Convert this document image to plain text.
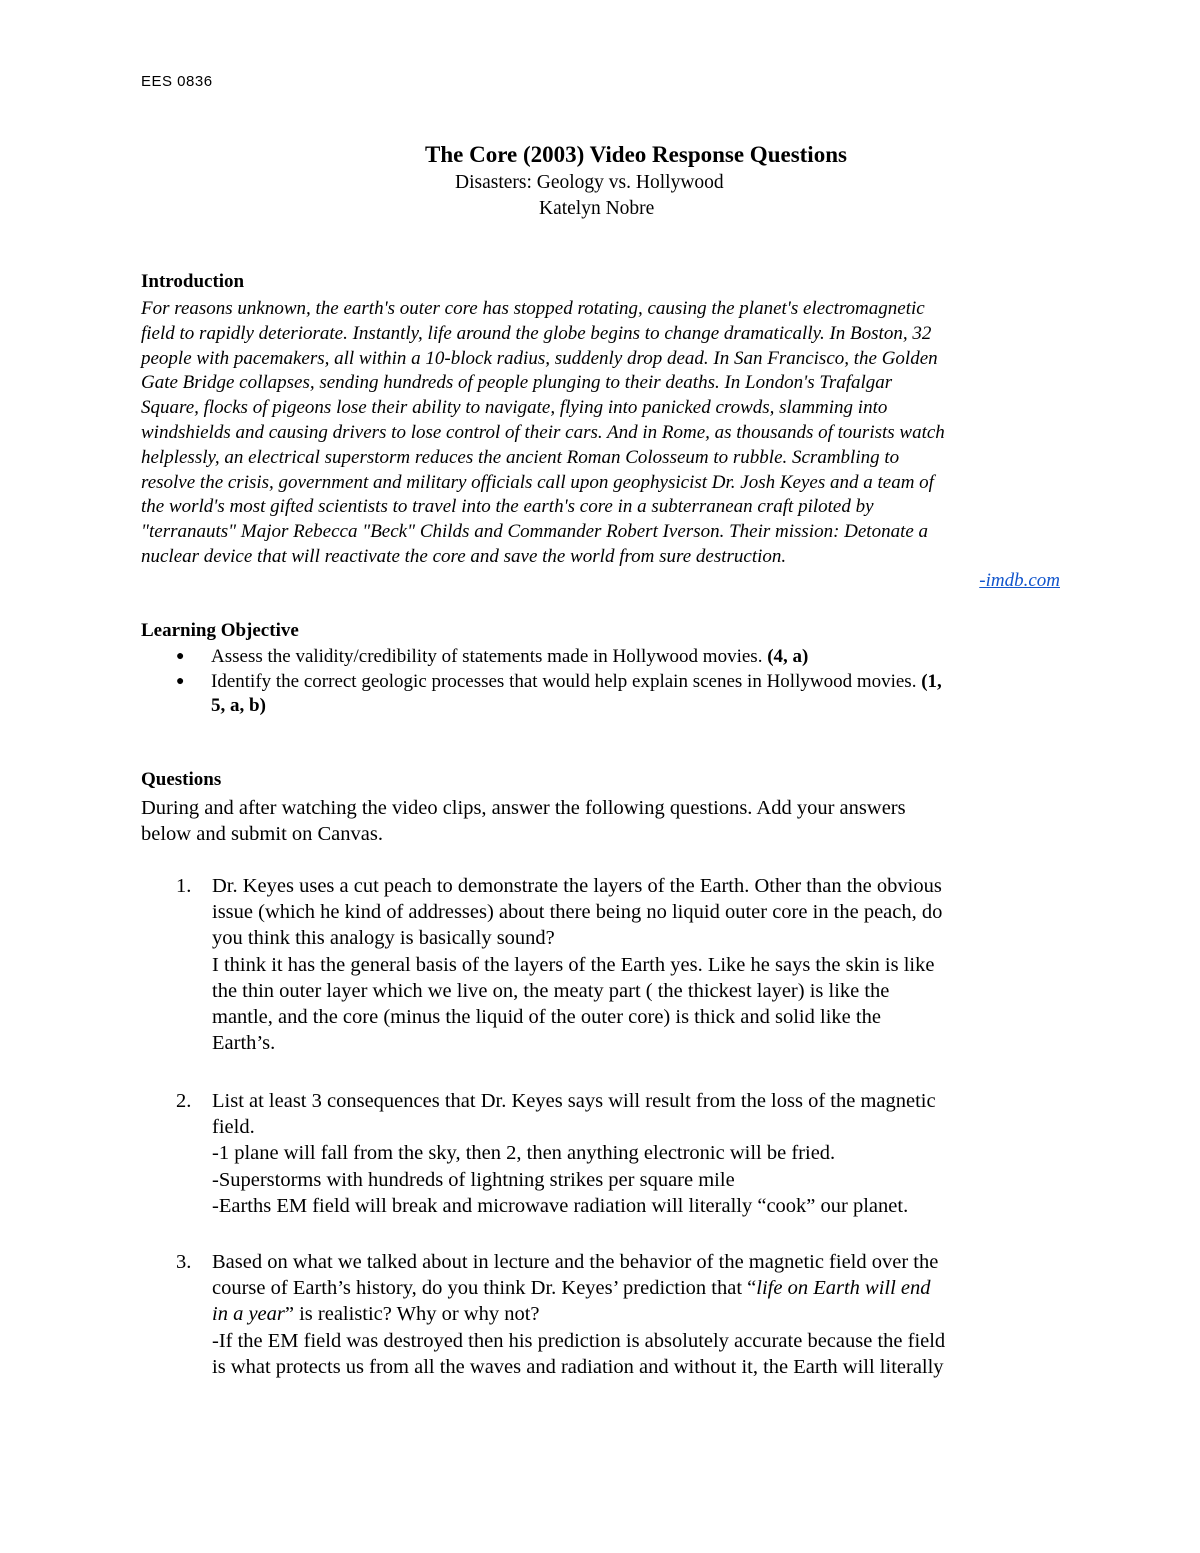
EES 0836
The Core (2003) Video Response Questions
Disasters: Geology vs. Hollywood
Katelyn Nobre
Introduction
For reasons unknown, the earth's outer core has stopped rotating, causing the planet's electromagnetic
field to rapidly deteriorate. Instantly, life around the globe begins to change dramatically. In Boston, 32
people with pacemakers, all within a 10-block radius, suddenly drop dead. In San Francisco, the Golden
Gate Bridge collapses, sending hundreds of people plunging to their deaths. In London's Trafalgar
Square, flocks of pigeons lose their ability to navigate, flying into panicked crowds, slamming into
windshields and causing drivers to lose control of their cars. And in Rome, as thousands of tourists watch
helplessly, an electrical superstorm reduces the ancient Roman Colosseum to rubble. Scrambling to
resolve the crisis, government and military officials call upon geophysicist Dr. Josh Keyes and a team of
the world's most gifted scientists to travel into the earth's core in a subterranean craft piloted by
"terranauts" Major Rebecca "Beck" Childs and Commander Robert Iverson. Their mission: Detonate a
nuclear device that will reactivate the core and save the world from sure destruction.
-imdb.com
Learning Objective
● Assess the validity/credibility of statements made in Hollywood movies. (4, a)
● Identify the correct geologic processes that would help explain scenes in Hollywood movies. (1,
5, a, b)
Questions
During and after watching the video clips, answer the following questions. Add your answers
below and submit on Canvas.
1. Dr. Keyes uses a cut peach to demonstrate the layers of the Earth. Other than the obvious
issue (which he kind of addresses) about there being no liquid outer core in the peach, do
you think this analogy is basically sound?
I think it has the general basis of the layers of the Earth yes. Like he says the skin is like
the thin outer layer which we live on, the meaty part ( the thickest layer) is like the
mantle, and the core (minus the liquid of the outer core) is thick and solid like the
Earth’s.
2. List at least 3 consequences that Dr. Keyes says will result from the loss of the magnetic
field.
-1 plane will fall from the sky, then 2, then anything electronic will be fried.
-Superstorms with hundreds of lightning strikes per square mile
-Earths EM field will break and microwave radiation will literally “cook” our planet.
3. Based on what we talked about in lecture and the behavior of the magnetic field over the
course of Earth’s history, do you think Dr. Keyes’ prediction that “life on Earth will end
in a year” is realistic? Why or why not?
-If the EM field was destroyed then his prediction is absolutely accurate because the field
is what protects us from all the waves and radiation and without it, the Earth will literally
